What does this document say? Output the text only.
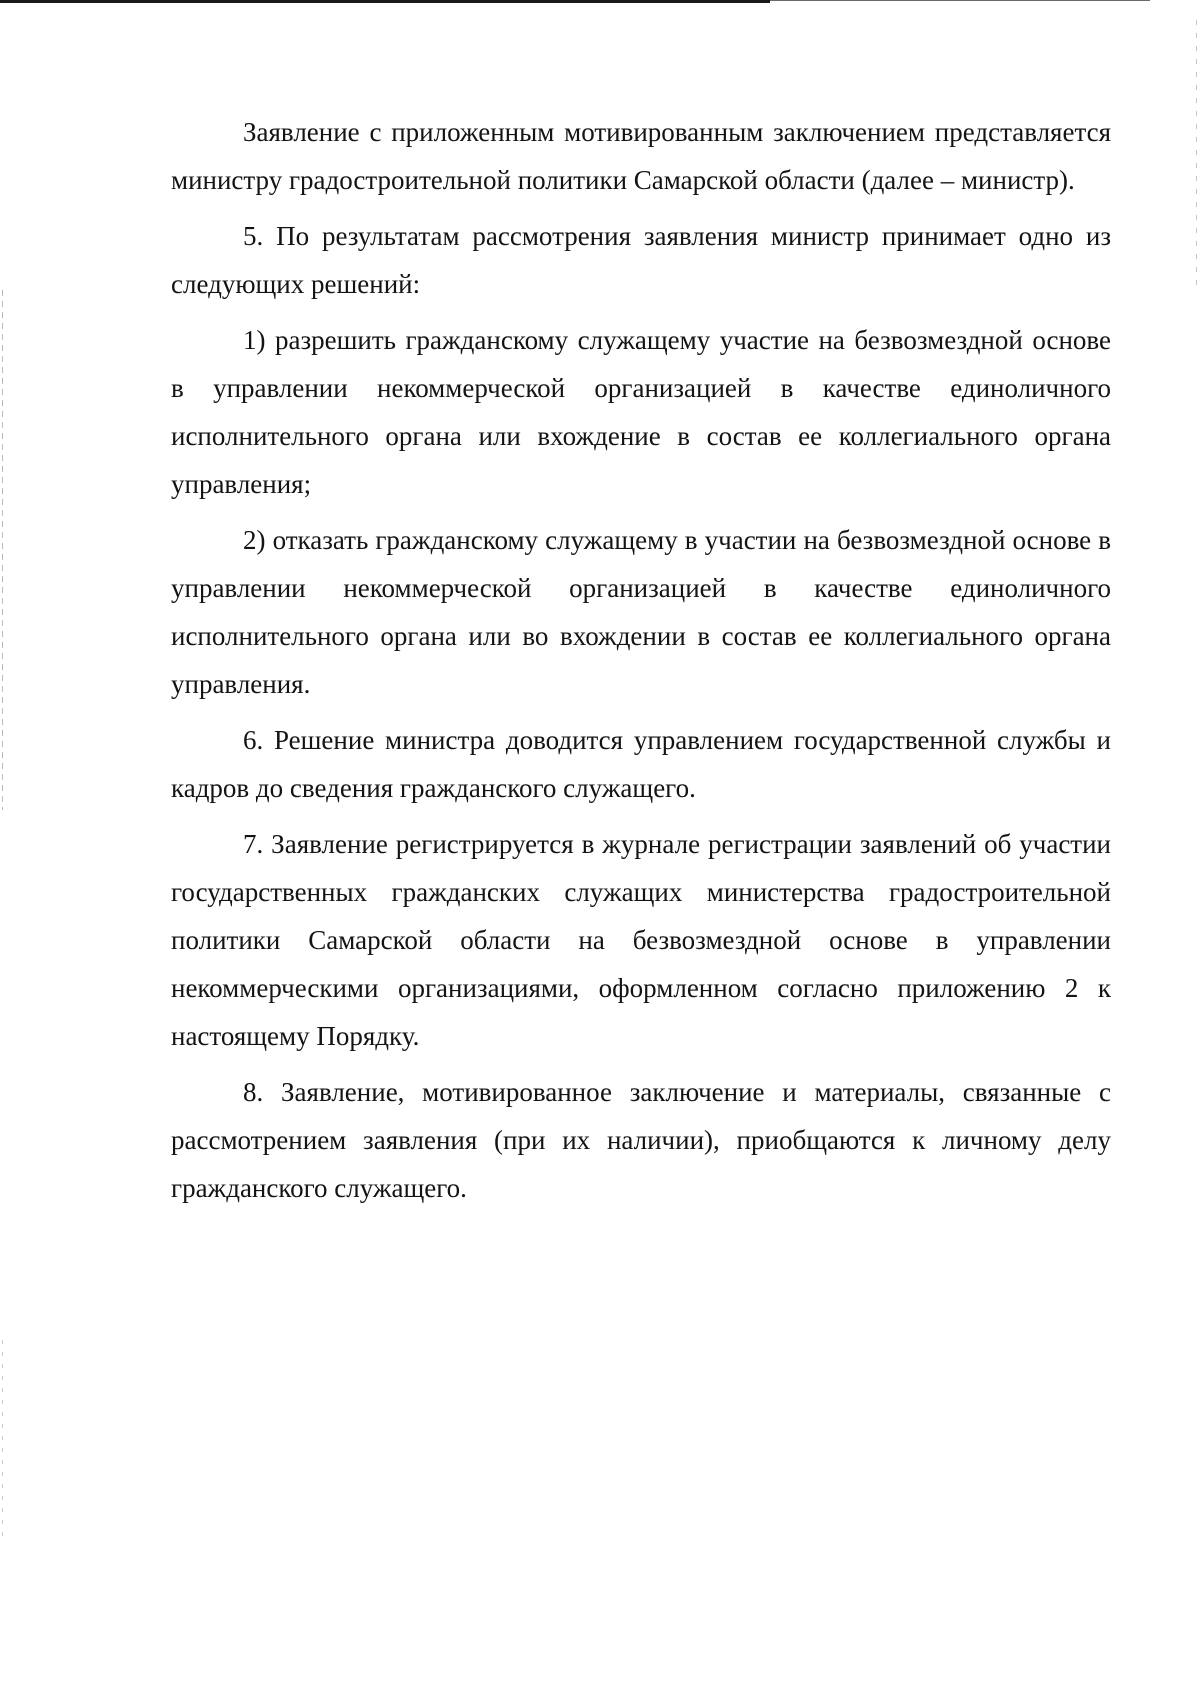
Заявление с приложенным мотивированным заключением представляется министру градостроительной политики Самарской области (далее – министр).

5. По результатам рассмотрения заявления министр принимает одно из следующих решений:

1) разрешить гражданскому служащему участие на безвозмездной основе в управлении некоммерческой организацией в качестве единоличного исполнительного органа или вхождение в состав ее коллегиального органа управления;

2) отказать гражданскому служащему в участии на безвозмездной основе в управлении некоммерческой организацией в качестве единоличного исполнительного органа или во вхождении в состав ее коллегиального органа управления.

6. Решение министра доводится управлением государственной службы и кадров до сведения гражданского служащего.

7. Заявление регистрируется в журнале регистрации заявлений об участии государственных гражданских служащих министерства градостроительной политики Самарской области на безвозмездной основе в управлении некоммерческими организациями, оформленном согласно приложению 2 к настоящему Порядку.

8. Заявление, мотивированное заключение и материалы, связанные с рассмотрением заявления (при их наличии), приобщаются к личному делу гражданского служащего.
